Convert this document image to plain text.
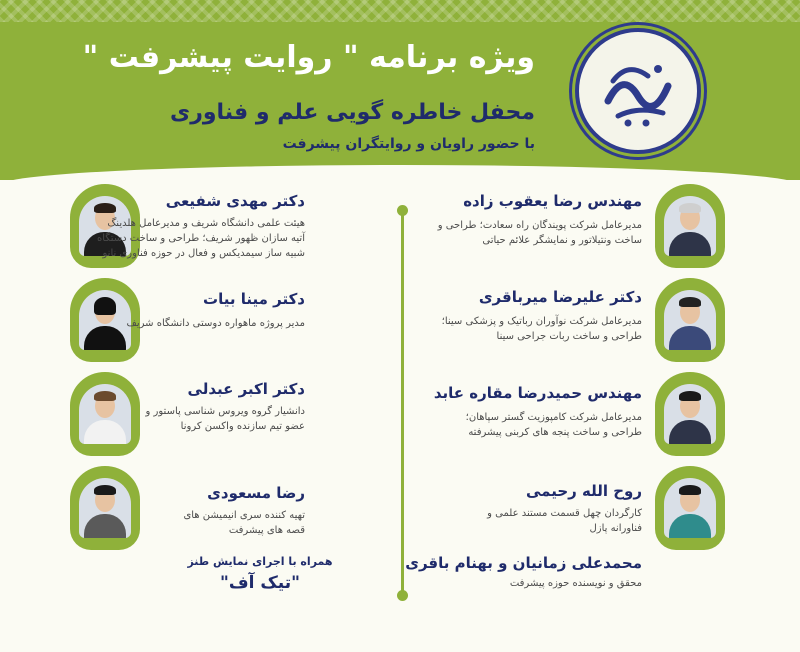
ویژه برنامه " روایت پیشرفت "
محفل خاطره گویی علم و فناوری
با حضور راویان و روایتگران پیشرفت
مهندس رضا یعقوب زاده
مدیرعامل شرکت پویندگان راه سعادت؛ طراحی و
ساخت ونتیلاتور و نمایشگر علائم حیاتی
دکتر علیرضا میرباقری
مدیرعامل شرکت نوآوران رباتیک و پزشکی سینا؛
طراحی و ساخت ربات جراحی سینا
مهندس حمیدرضا مقاره عابد
مدیرعامل شرکت کامپوزیت گستر سپاهان؛
طراحی و ساخت پنجه های کربنی پیشرفته
روح الله رحیمی
کارگردان چهل قسمت مستند علمی و
فناورانه پازل
محمدعلی زمانیان و بهنام باقری
محقق و نویسنده حوزه پیشرفت
دکتر مهدی شفیعی
هیئت علمی دانشگاه شریف و مدیرعامل هلدینگ
آتیه سازان ظهور شریف؛ طراحی و ساخت دستگاه
شبیه ساز سیمدیکس و فعال در حوزه فناوری نانو
دکتر مینا بیات
مدیر پروژه ماهواره دوستی دانشگاه شریف
دکتر اکبر عبدلی
دانشیار گروه ویروس شناسی پاستور و
عضو تیم سازنده واکسن کرونا
رضا مسعودی
تهیه کننده سری انیمیشن های
قصه های پیشرفت
همراه با اجرای نمایش طنز
"تیک آف"
